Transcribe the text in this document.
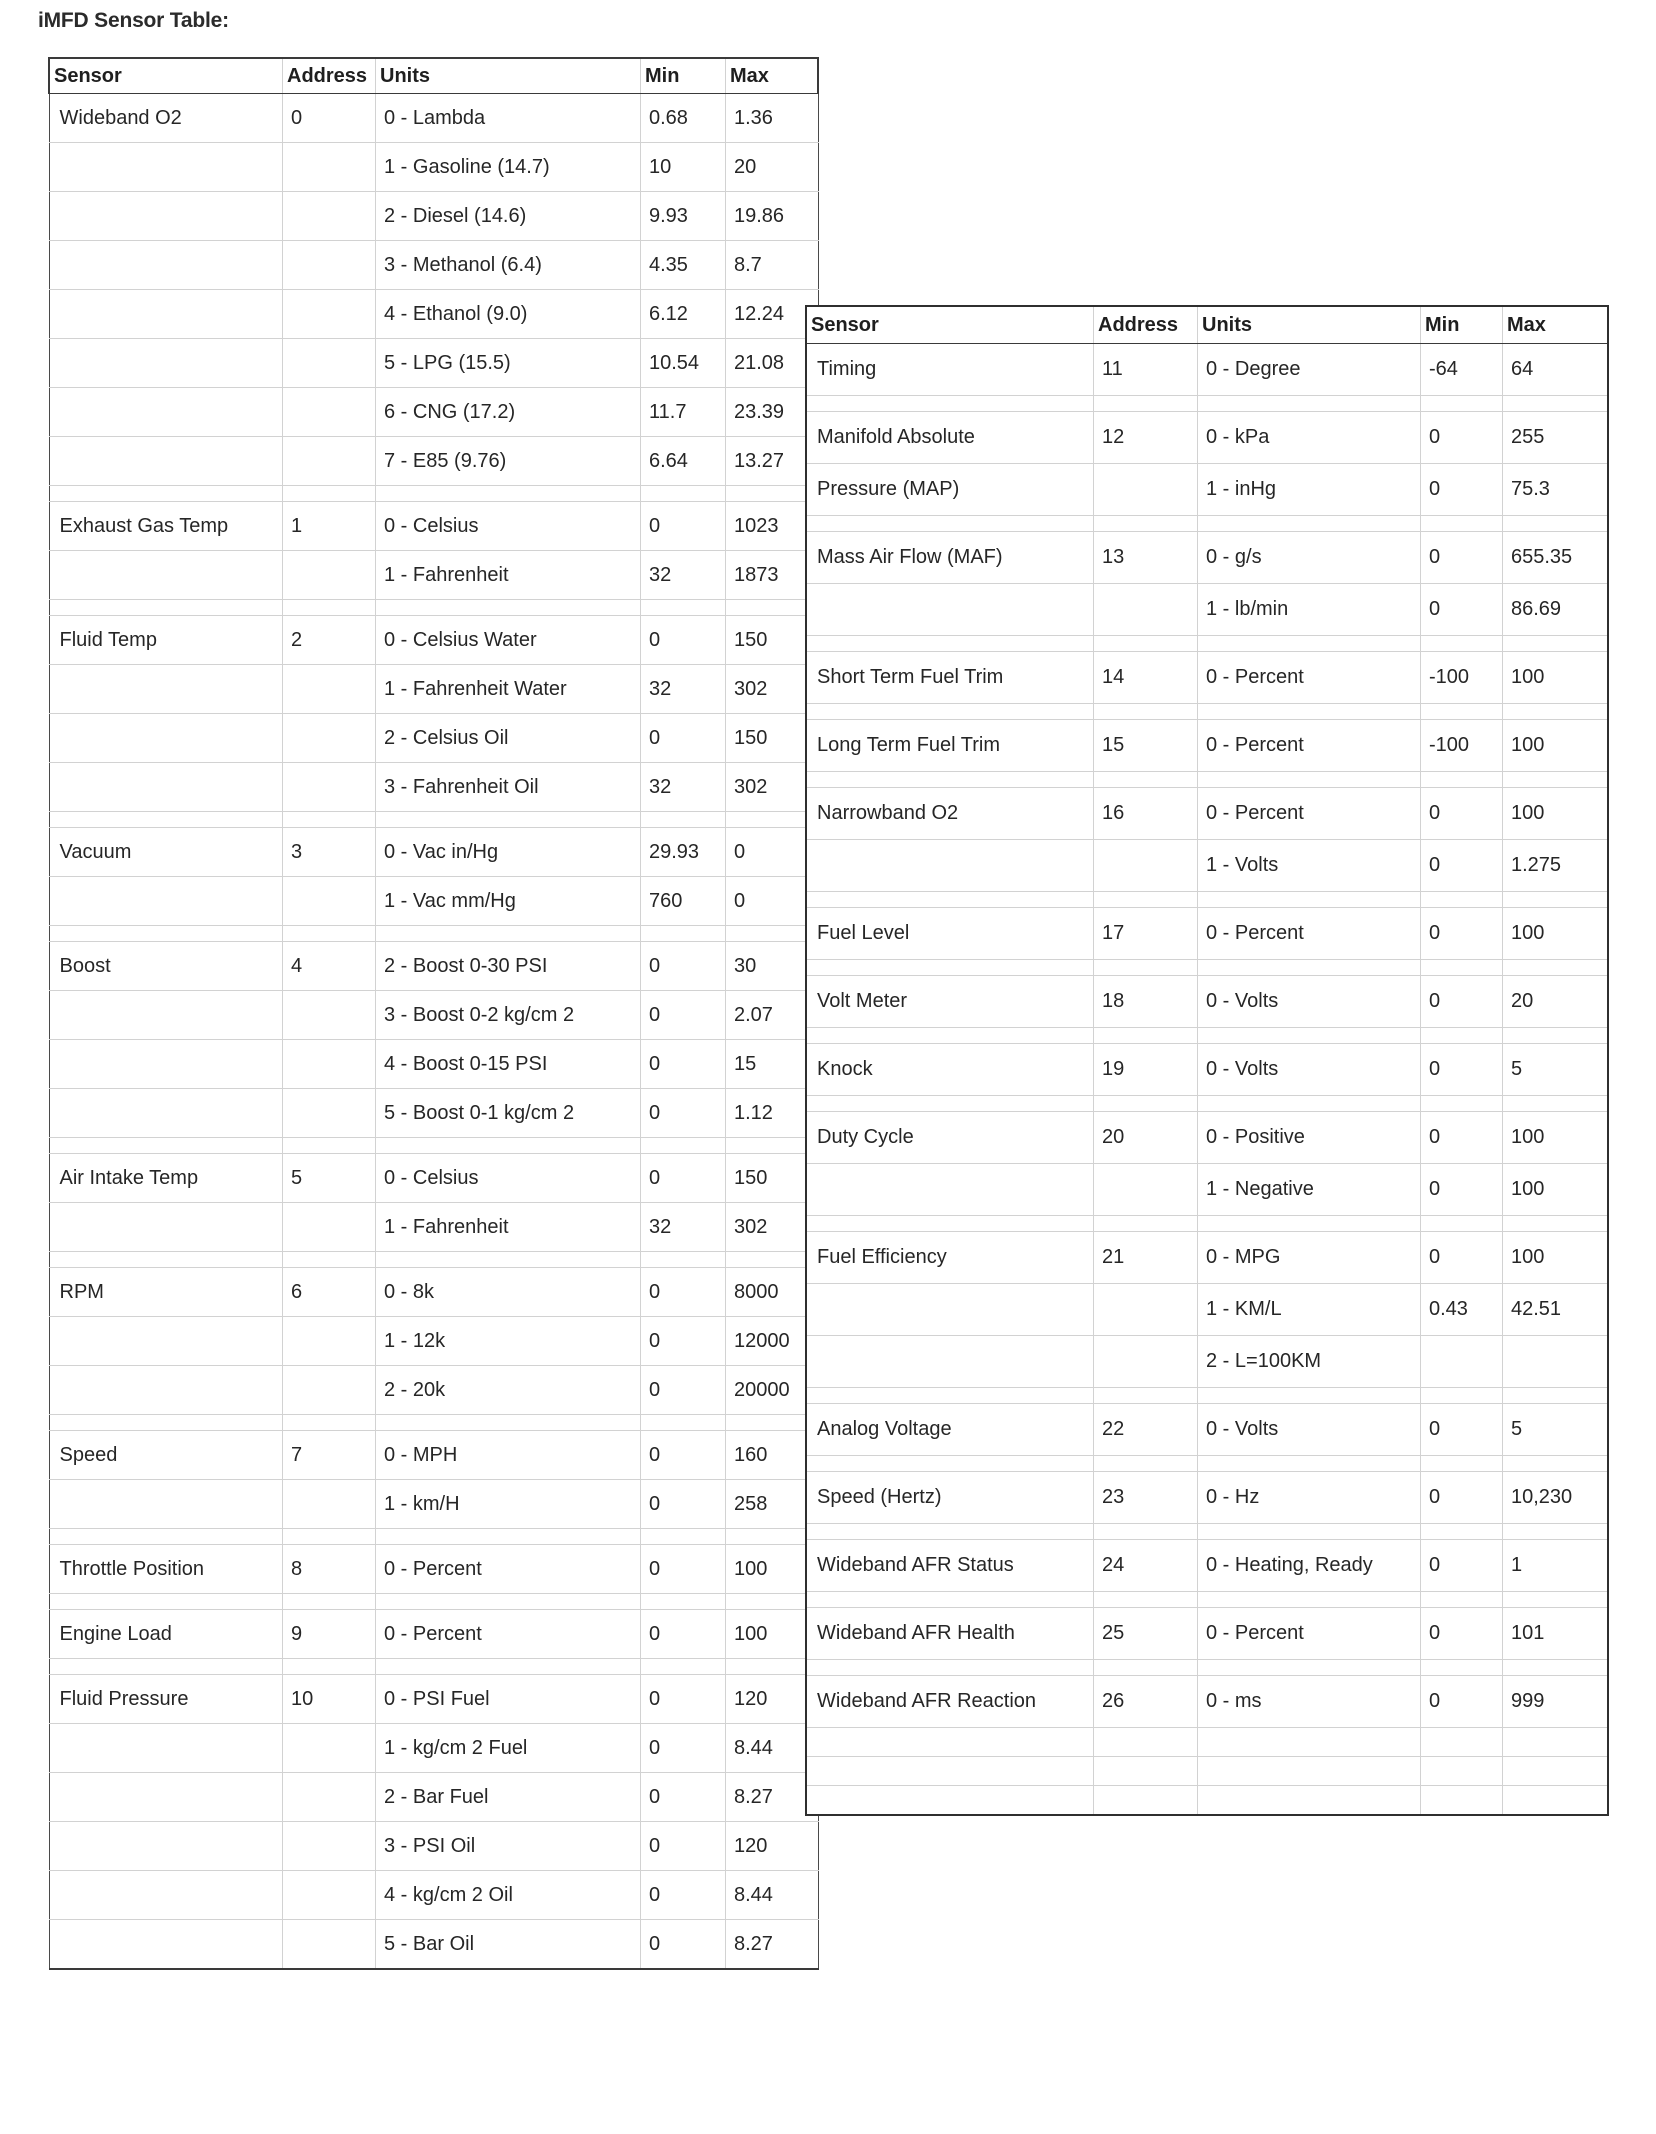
iMFD Sensor Table:
Sensor	Address	Units	Min	Max
Wideband O2	0	0 - Lambda	0.68	1.36
		1 - Gasoline (14.7)	10	20
		2 - Diesel (14.6)	9.93	19.86
		3 - Methanol (6.4)	4.35	8.7
		4 - Ethanol (9.0)	6.12	12.24
		5 - LPG (15.5)	10.54	21.08
		6 - CNG (17.2)	11.7	23.39
		7 - E85 (9.76)	6.64	13.27

Exhaust Gas Temp	1	0 - Celsius	0	1023
		1 - Fahrenheit	32	1873

Fluid Temp	2	0 - Celsius Water	0	150
		1 - Fahrenheit Water	32	302
		2 - Celsius Oil	0	150
		3 - Fahrenheit Oil	32	302

Vacuum	3	0 - Vac in/Hg	29.93	0
		1 - Vac mm/Hg	760	0

Boost	4	2 - Boost 0-30 PSI	0	30
		3 - Boost 0-2 kg/cm 2	0	2.07
		4 - Boost 0-15 PSI	0	15
		5 - Boost 0-1 kg/cm 2	0	1.12

Air Intake Temp	5	0 - Celsius	0	150
		1 - Fahrenheit	32	302

RPM	6	0 - 8k	0	8000
		1 - 12k	0	12000
		2 - 20k	0	20000

Speed	7	0 - MPH	0	160
		1 - km/H	0	258

Throttle Position	8	0 - Percent	0	100

Engine Load	9	0 - Percent	0	100

Fluid Pressure	10	0 - PSI Fuel	0	120
		1 - kg/cm 2 Fuel	0	8.44
		2 - Bar Fuel	0	8.27
		3 - PSI Oil	0	120
		4 - kg/cm 2 Oil	0	8.44
		5 - Bar Oil	0	8.27
Sensor	Address	Units	Min	Max
Timing	11	0 - Degree	-64	64

Manifold Absolute	12	0 - kPa	0	255
Pressure (MAP)		1 - inHg	0	75.3

Mass Air Flow (MAF)	13	0 - g/s	0	655.35
		1 - lb/min	0	86.69

Short Term Fuel Trim	14	0 - Percent	-100	100

Long Term Fuel Trim	15	0 - Percent	-100	100

Narrowband O2	16	0 - Percent	0	100
		1 - Volts	0	1.275

Fuel Level	17	0 - Percent	0	100

Volt Meter	18	0 - Volts	0	20

Knock	19	0 - Volts	0	5

Duty Cycle	20	0 - Positive	0	100
		1 - Negative	0	100

Fuel Efficiency	21	0 - MPG	0	100
		1 - KM/L	0.43	42.51
		2 - L=100KM		

Analog Voltage	22	0 - Volts	0	5

Speed (Hertz)	23	0 - Hz	0	10,230

Wideband AFR Status	24	0 - Heating, Ready	0	1

Wideband AFR Health	25	0 - Percent	0	101

Wideband AFR Reaction	26	0 - ms	0	999
